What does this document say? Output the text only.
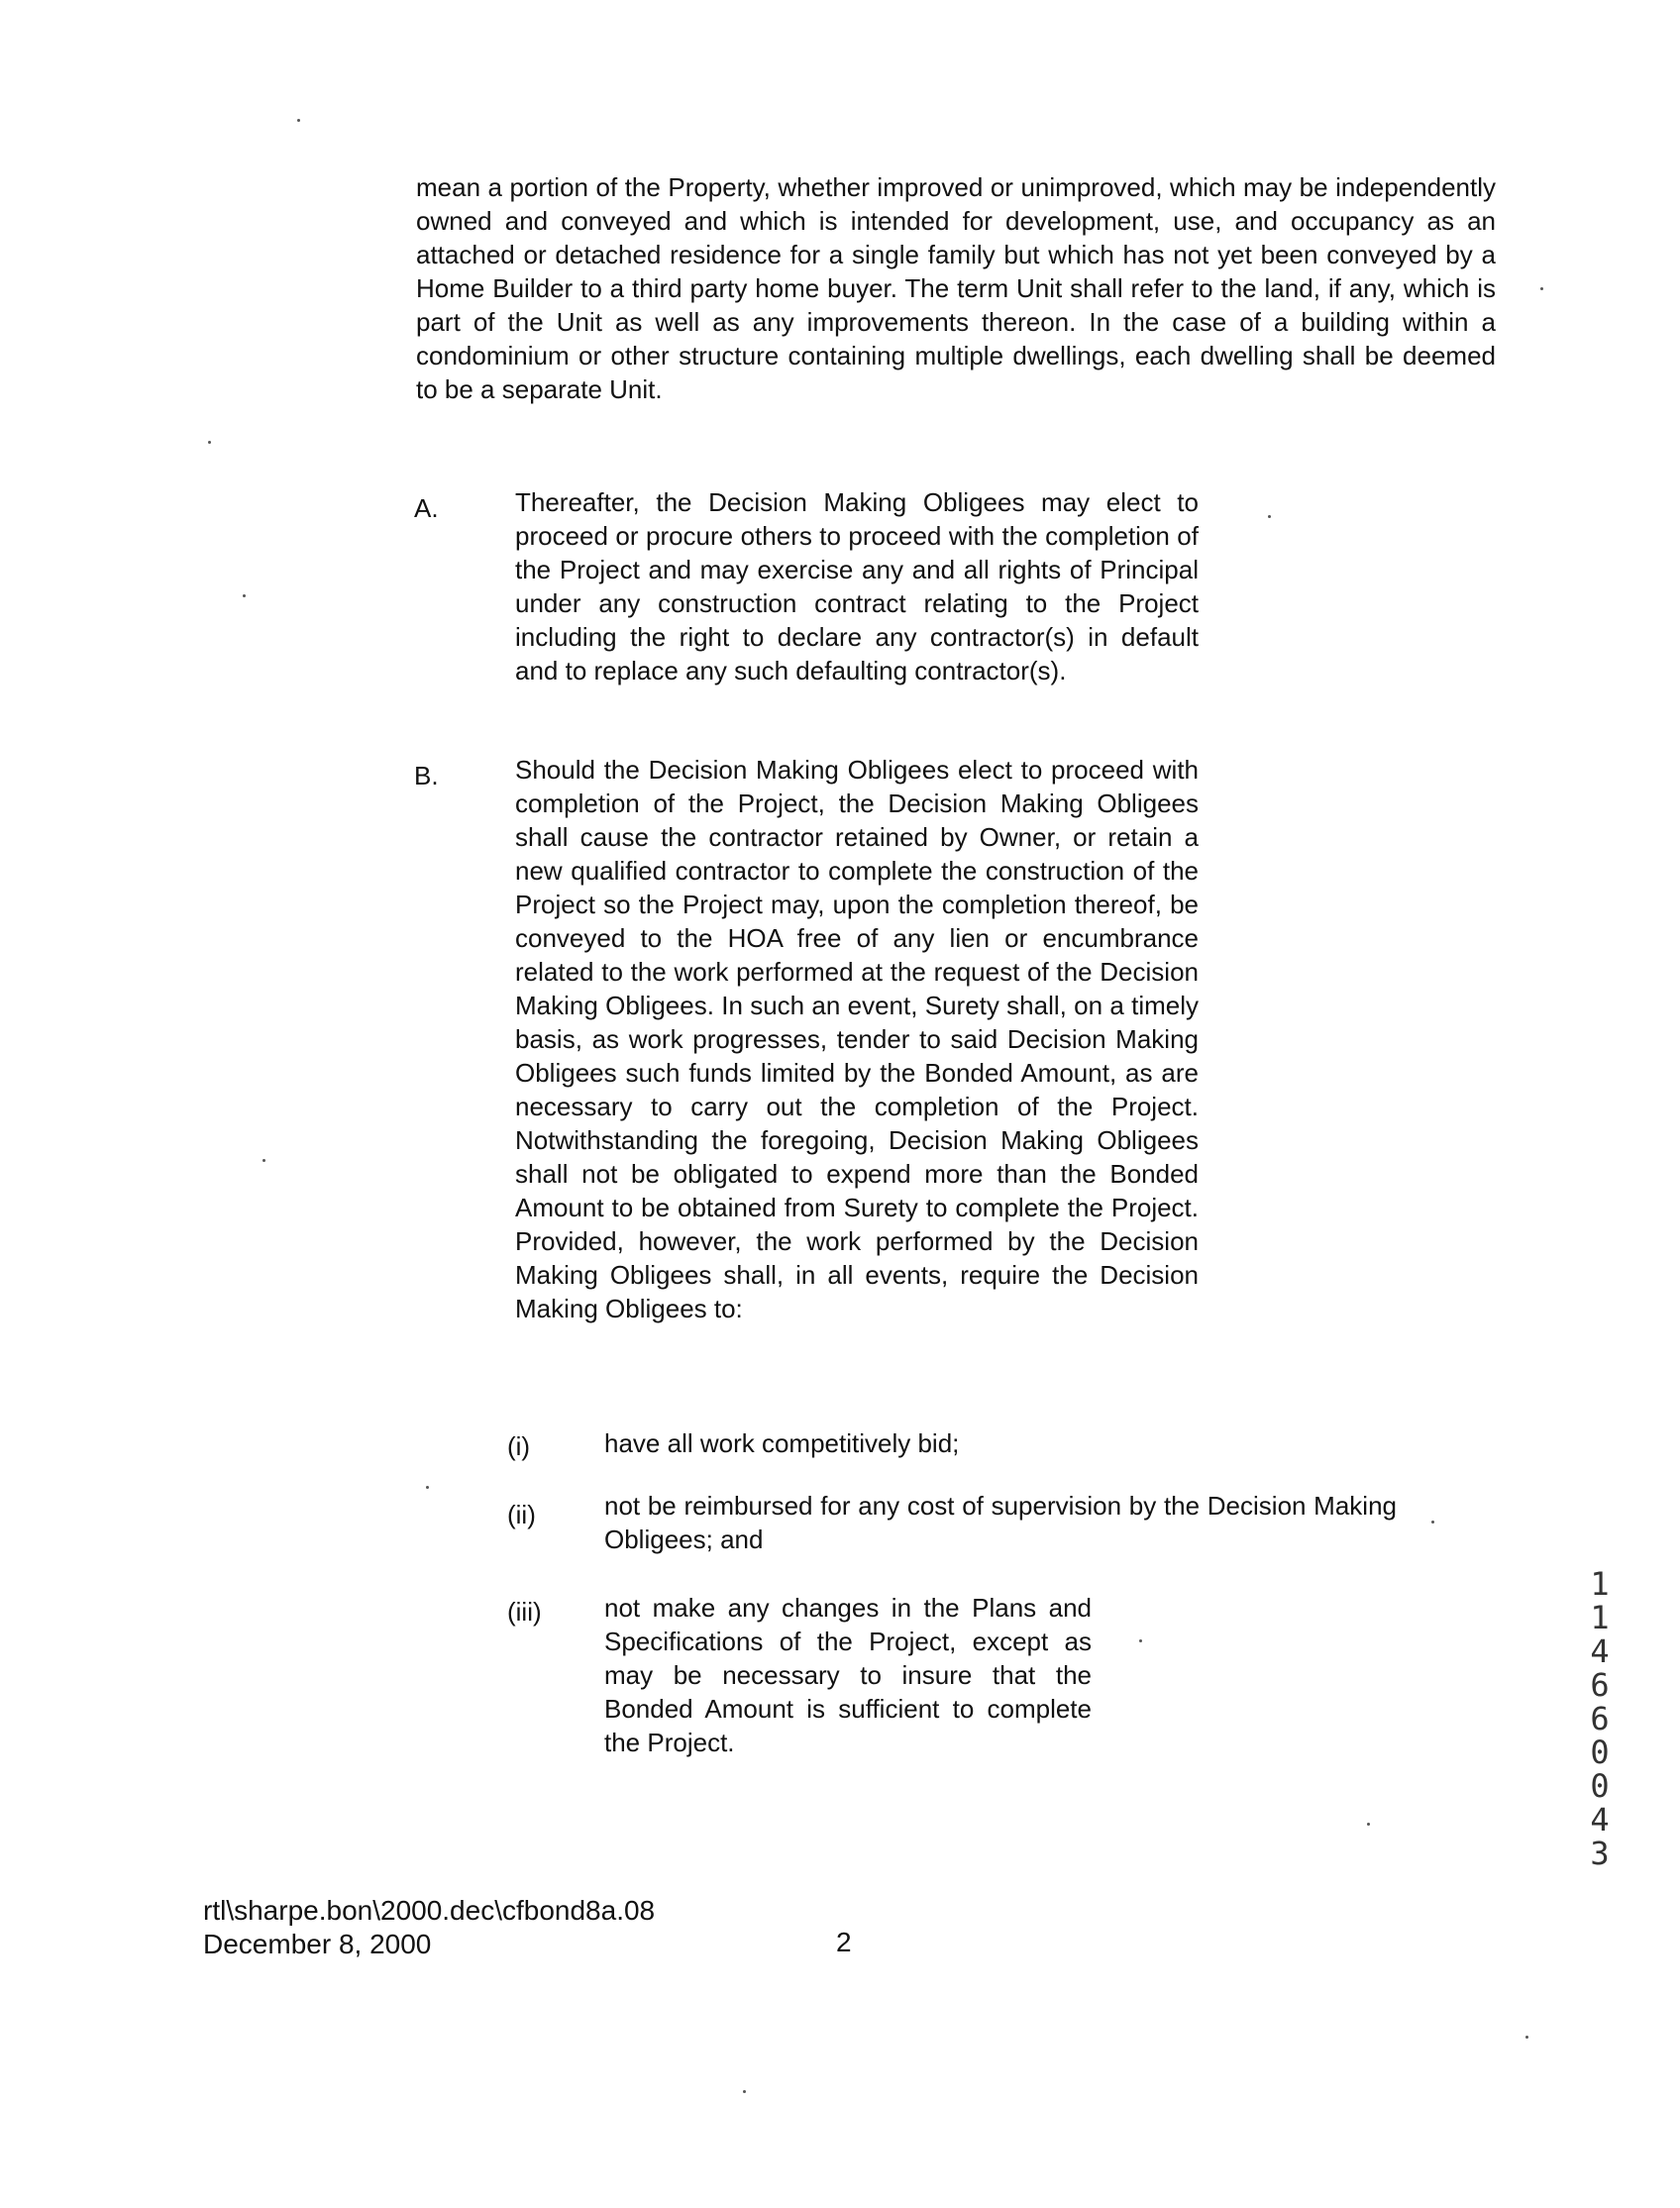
mean a portion of the Property, whether improved or unimproved, which may be independently owned and conveyed and which is intended for development, use, and occupancy as an attached or detached residence for a single family but which has not yet been conveyed by a Home Builder to a third party home buyer. The term Unit shall refer to the land, if any, which is part of the Unit as well as any improvements thereon. In the case of a building within a condominium or other structure containing multiple dwellings, each dwelling shall be deemed to be a separate Unit.

A.	Thereafter, the Decision Making Obligees may elect to proceed or procure others to proceed with the completion of the Project and may exercise any and all rights of Principal under any construction contract relating to the Project including the right to declare any contractor(s) in default and to replace any such defaulting contractor(s).

B.	Should the Decision Making Obligees elect to proceed with completion of the Project, the Decision Making Obligees shall cause the contractor retained by Owner, or retain a new qualified contractor to complete the construction of the Project so the Project may, upon the completion thereof, be conveyed to the HOA free of any lien or encumbrance related to the work performed at the request of the Decision Making Obligees. In such an event, Surety shall, on a timely basis, as work progresses, tender to said Decision Making Obligees such funds limited by the Bonded Amount, as are necessary to carry out the completion of the Project. Notwithstanding the foregoing, Decision Making Obligees shall not be obligated to expend more than the Bonded Amount to be obtained from Surety to complete the Project. Provided, however, the work performed by the Decision Making Obligees shall, in all events, require the Decision Making Obligees to:

(i)	have all work competitively bid;

(ii)	not be reimbursed for any cost of supervision by the Decision Making Obligees; and

(iii) not make any changes in the Plans and Specifications of the Project, except as may be necessary to insure that the Bonded Amount is sufficient to complete the Project.

rtl\sharpe.bon\2000.dec\cfbond8a.08
December 8, 2000	2
11466 0043
